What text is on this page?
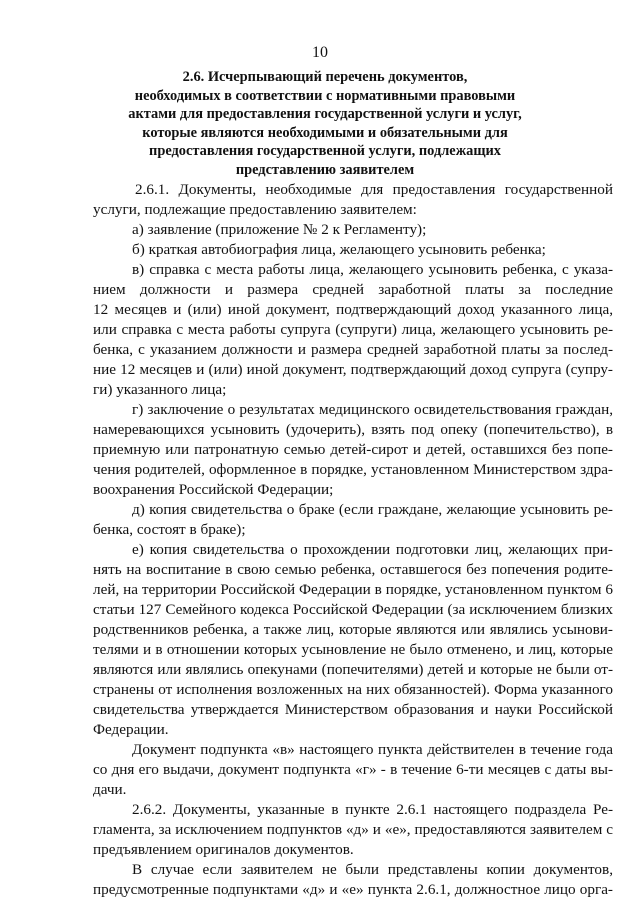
10
2.6. Исчерпывающий перечень документов,
необходимых в соответствии с нормативными правовыми
актами для предоставления государственной услуги и услуг,
которые являются необходимыми и обязательными для
предоставления государственной услуги, подлежащих
представлению заявителем
2.6.1. Документы, необходимые для предоставления государственной
услуги, подлежащие предоставлению заявителем:
а) заявление (приложение № 2 к Регламенту);
б) краткая автобиография лица, желающего усыновить ребенка;
в) справка с места работы лица, желающего усыновить ребенка, с указа-
нием должности и размера средней заработной платы за последние
12 месяцев и (или) иной документ, подтверждающий доход указанного лица,
или справка с места работы супруга (супруги) лица, желающего усыновить ре-
бенка, с указанием должности и размера средней заработной платы за послед-
ние 12 месяцев и (или) иной документ, подтверждающий доход супруга (супру-
ги) указанного лица;
г) заключение о результатах медицинского освидетельствования граждан,
намеревающихся усыновить (удочерить), взять под опеку (попечительство), в
приемную или патронатную семью детей-сирот и детей, оставшихся без попе-
чения родителей, оформленное в порядке, установленном Министерством здра-
воохранения Российской Федерации;
д) копия свидетельства о браке (если граждане, желающие усыновить ре-
бенка, состоят в браке);
е) копия свидетельства о прохождении подготовки лиц, желающих при-
нять на воспитание в свою семью ребенка, оставшегося без попечения родите-
лей, на территории Российской Федерации в порядке, установленном пунктом 6
статьи 127 Семейного кодекса Российской Федерации (за исключением близких
родственников ребенка, а также лиц, которые являются или являлись усынови-
телями и в отношении которых усыновление не было отменено, и лиц, которые
являются или являлись опекунами (попечителями) детей и которые не были от-
странены от исполнения возложенных на них обязанностей). Форма указанного
свидетельства утверждается Министерством образования и науки Российской
Федерации.
Документ подпункта «в» настоящего пункта действителен в течение года
со дня его выдачи, документ подпункта «г» - в течение 6-ти месяцев с даты вы-
дачи.
2.6.2. Документы, указанные в пункте 2.6.1 настоящего подраздела Ре-
гламента, за исключением подпунктов «д» и «е», предоставляются заявителем с
предъявлением оригиналов документов.
В случае если заявителем не были представлены копии документов,
предусмотренные подпунктами «д» и «е» пункта 2.6.1, должностное лицо орга-
